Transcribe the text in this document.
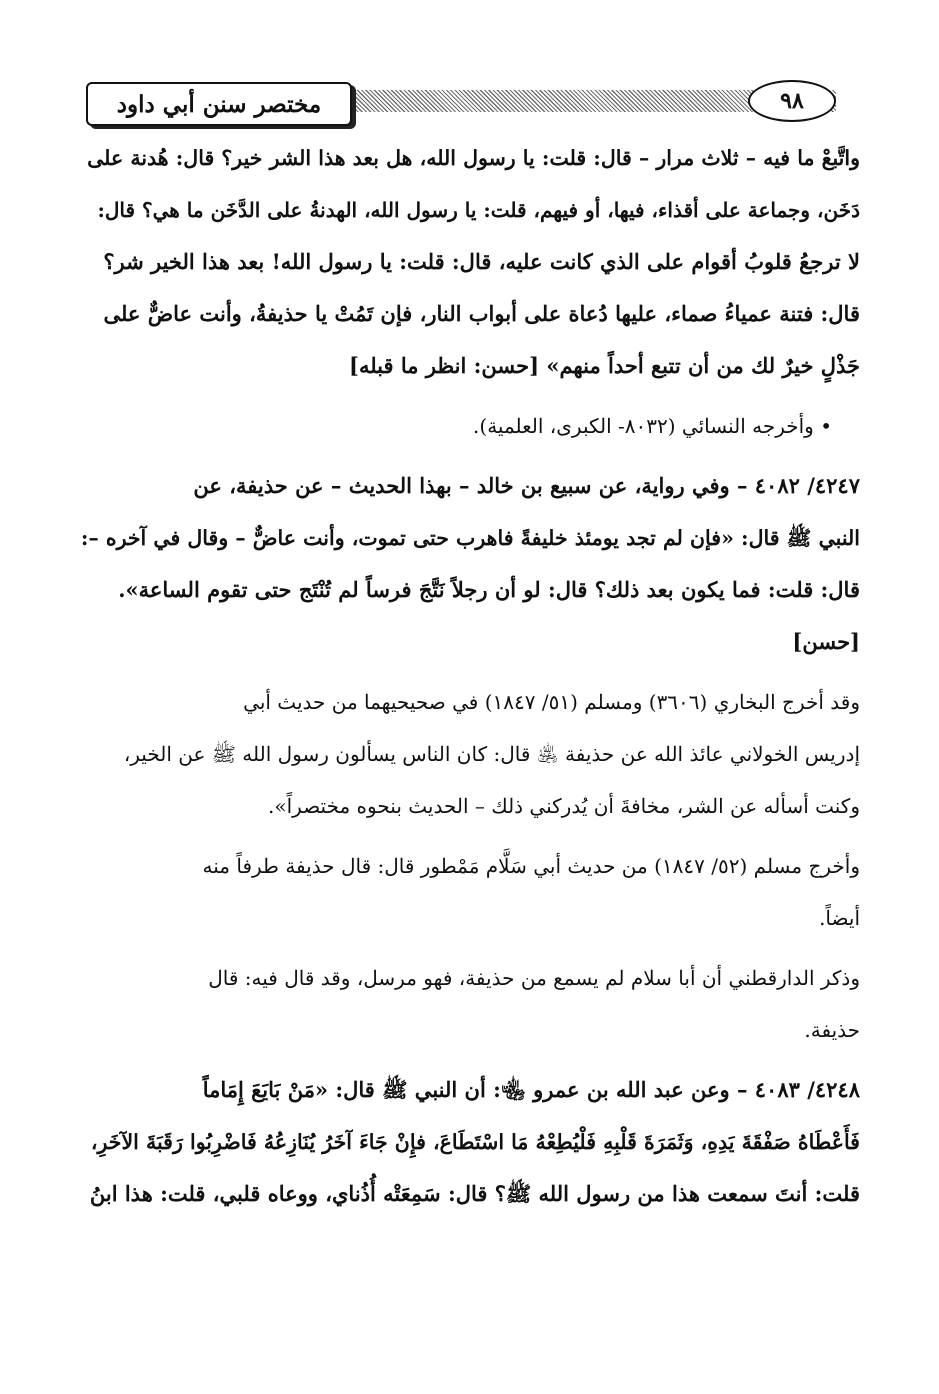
مختصر سنن أبي داود	٩٨
واتَّبعْ ما فيه – ثلاث مرار – قال: قلت: يا رسول الله، هل بعد هذا الشر خير؟ قال: هُدنة على
دَخَن، وجماعة على أقذاء، فيها، أو فيهم، قلت: يا رسول الله، الهدنةُ على الدَّخَن ما هي؟ قال:
لا ترجعُ قلوبُ أقوام على الذي كانت عليه، قال: قلت: يا رسول الله! بعد هذا الخير شر؟
قال: فتنة عمياءُ صماء، عليها دُعاة على أبواب النار، فإن تَمُتْ يا حذيفةُ، وأنت عاضٌّ على
جَذْلٍ خيرٌ لك من أن تتبع أحداً منهم» [حسن: انظر ما قبله]
• وأخرجه النسائي (٨٠٣٢- الكبرى، العلمية).
٤٢٤٧/ ٤٠٨٢ – وفي رواية، عن سبيع بن خالد – بهذا الحديث – عن حذيفة، عن
النبي ﷺ قال: «فإن لم تجد يومئذ خليفةً فاهرب حتى تموت، وأنت عاضٌّ – وقال في آخره –:
قال: قلت: فما يكون بعد ذلك؟ قال: لو أن رجلاً نَتَّجَ فرساً لم تُنْتَج حتى تقوم الساعة».
[حسن]
وقد أخرج البخاري (٣٦٠٦) ومسلم (٥١/ ١٨٤٧) في صحيحيهما من حديث أبي
إدريس الخولاني عائذ الله عن حذيفة ﵁ قال: كان الناس يسألون رسول الله ﷺ عن الخير،
وكنت أسأله عن الشر، مخافةَ أن يُدركني ذلك – الحديث بنحوه مختصراً».
وأخرج مسلم (٥٢/ ١٨٤٧) من حديث أبي سَلَّام مَمْطور قال: قال حذيفة طرفاً منه
أيضاً.
وذكر الدارقطني أن أبا سلام لم يسمع من حذيفة، فهو مرسل، وقد قال فيه: قال
حذيفة.
٤٢٤٨/ ٤٠٨٣ – وعن عبد الله بن عمرو ﵄: أن النبي ﷺ قال: «مَنْ بَايَعَ إِمَاماً
فَأَعْطَاهُ صَفْقَةَ يَدِهِ، وَثَمَرَةَ قَلْبِهِ فَلْيُطِعْهُ مَا اسْتَطَاعَ، فإِنْ جَاءَ آخَرُ يُنَازِعُهُ فَاضْرِبُوا رَقَبَةَ الآخَرِ،
قلت: أنتَ سمعت هذا من رسول الله ﷺ؟ قال: سَمِعَتْه أُذُناي، ووعاه قلبي، قلت: هذا ابنُ
